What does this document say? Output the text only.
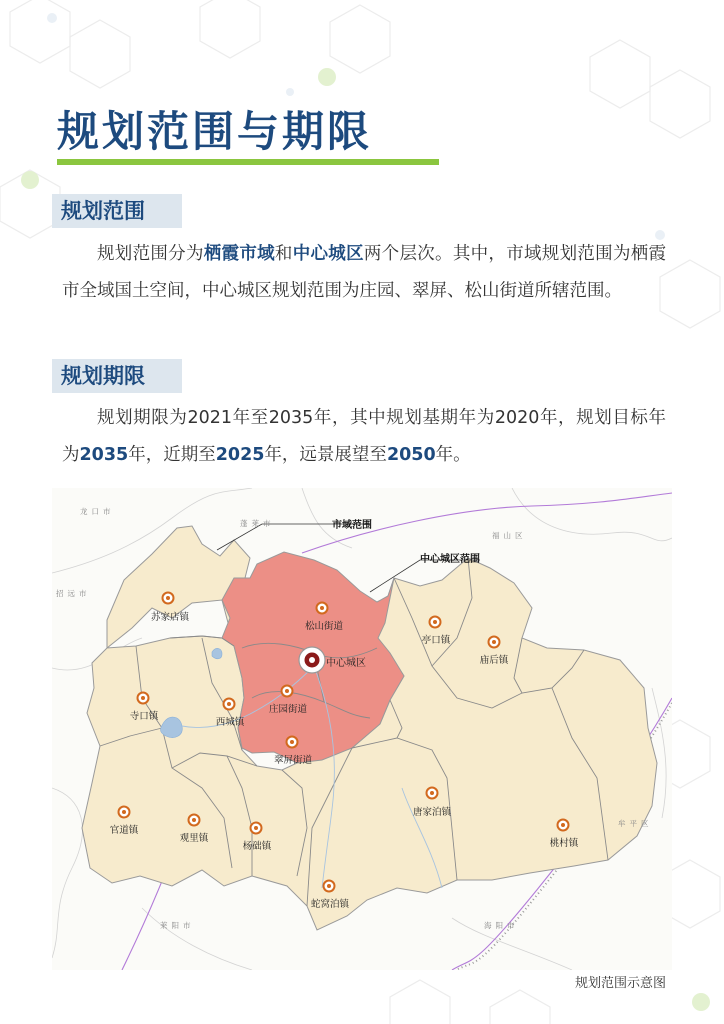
规划范围与期限
规划范围

规划范围分为栖霞市域和中心城区两个层次。其中，市域规划范围为栖霞市全域国土空间，中心城区规划范围为庄园、翠屏、松山街道所辖范围。

规划期限

规划期限为2021年至2035年，其中规划基期年为2020年，规划目标年为2035年，近期至2025年，远景展望至2050年。

龙口市
蓬莱市
福山区
招远市
牟平区
莱阳市	海阳市
市域范围
中心城区范围
中心城区
苏家店镇
松山街道
亭口镇
庙后镇
寺口镇
西城镇
庄园街道
翠屏街道
官道镇
观里镇
杨础镇
唐家泊镇
桃村镇
蛇窝泊镇
规划范围示意图
